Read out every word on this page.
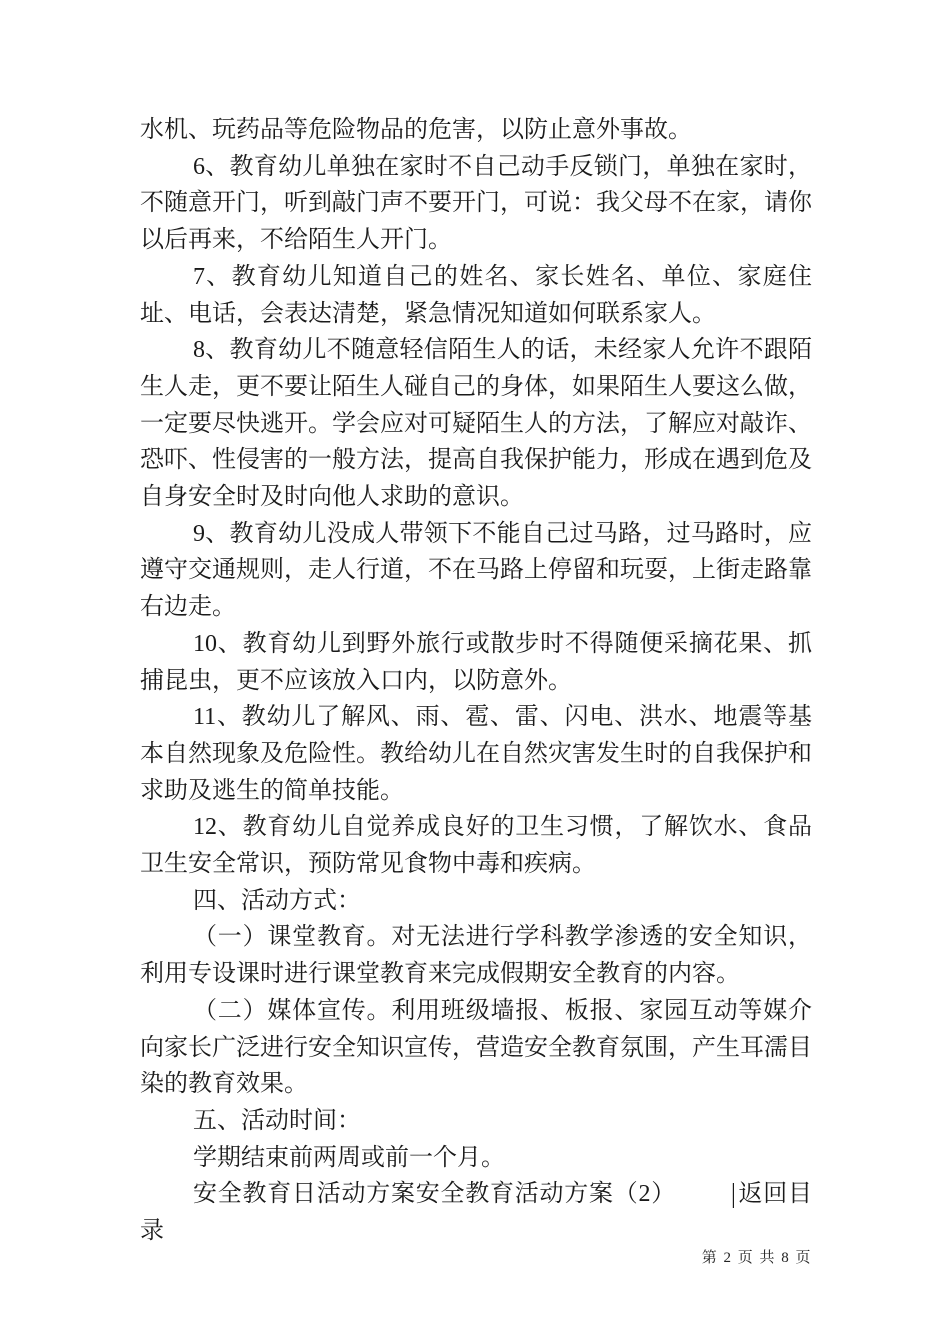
水机、玩药品等危险物品的危害，以防止意外事故。

6、教育幼儿单独在家时不自己动手反锁门，单独在家时，不随意开门，听到敲门声不要开门，可说：我父母不在家，请你以后再来，不给陌生人开门。

7、教育幼儿知道自己的姓名、家长姓名、单位、家庭住址、电话，会表达清楚，紧急情况知道如何联系家人。

8、教育幼儿不随意轻信陌生人的话，未经家人允许不跟陌生人走，更不要让陌生人碰自己的身体，如果陌生人要这么做，一定要尽快逃开。学会应对可疑陌生人的方法，了解应对敲诈、恐吓、性侵害的一般方法，提高自我保护能力，形成在遇到危及自身安全时及时向他人求助的意识。

9、教育幼儿没成人带领下不能自己过马路，过马路时，应遵守交通规则，走人行道，不在马路上停留和玩耍，上街走路靠右边走。

10、教育幼儿到野外旅行或散步时不得随便采摘花果、抓捕昆虫，更不应该放入口内，以防意外。

11、教幼儿了解风、雨、雹、雷、闪电、洪水、地震等基本自然现象及危险性。教给幼儿在自然灾害发生时的自我保护和求助及逃生的简单技能。

12、教育幼儿自觉养成良好的卫生习惯，了解饮水、食品卫生安全常识，预防常见食物中毒和疾病。

四、活动方式：

（一）课堂教育。对无法进行学科教学渗透的安全知识，利用专设课时进行课堂教育来完成假期安全教育的内容。

（二）媒体宣传。利用班级墙报、板报、家园互动等媒介向家长广泛进行安全知识宣传，营造安全教育氛围，产生耳濡目染的教育效果。

五、活动时间：

学期结束前两周或前一个月。

安全教育日活动方案安全教育活动方案（2） |返回目录

第 2 页 共 8 页
